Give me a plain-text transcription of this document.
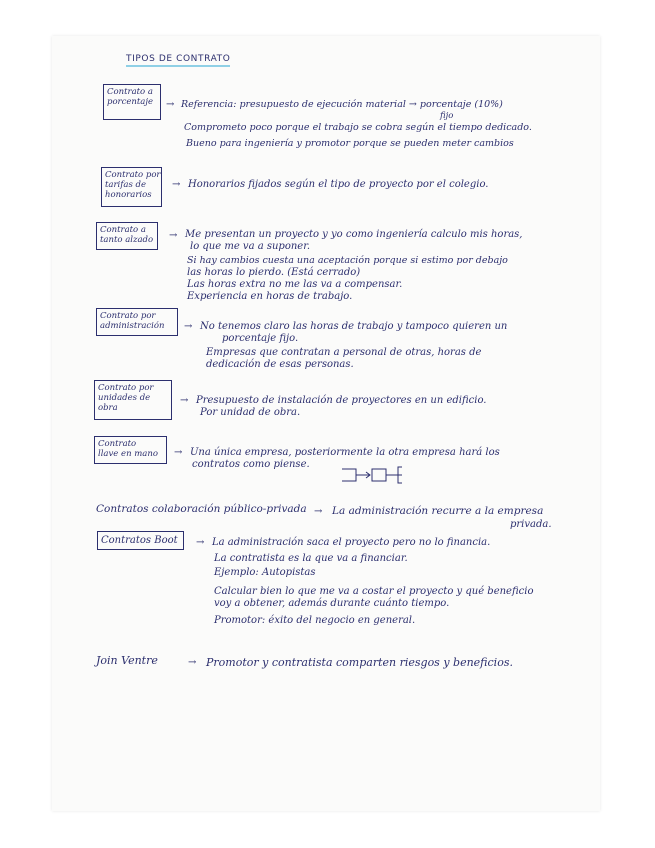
TIPOS DE CONTRATO
Contrato a
porcentaje	→ Referencia: presupuesto de ejecución material → porcentaje (10%)
fijo
Comprometo poco porque el trabajo se cobra según el tiempo dedicado.
Bueno para ingeniería y promotor porque se pueden meter cambios
Contrato por
tarifas de
honorarios
→ Honorarios fijados según el tipo de proyecto por el colegio.
Contrato a
tanto alzado → Me presentan un proyecto y yo como ingeniería calculo mis horas,
lo que me va a suponer.
Si hay cambios cuesta una aceptación porque si estimo por debajo
las horas lo pierdo. (Está cerrado)
Las horas extra no me las va a compensar.
Experiencia en horas de trabajo.
Contrato por
administración	→ No tenemos claro las horas de trabajo y tampoco quieren un
porcentaje fijo.
Empresas que contratan a personal de otras, horas de
dedicación de esas personas.
Contrato por
unidades de
obra
→ Presupuesto de instalación de proyectores en un edificio.
Por unidad de obra.
Contrato
llave en mano	→ Una única empresa, posteriormente la otra empresa hará los
contratos como piense.
Contratos colaboración público-privada → La administración recurre a la empresa
privada.
Contratos Boot → La administración saca el proyecto pero no lo financia.
La contratista es la que va a financiar.
Ejemplo: Autopistas
Calcular bien lo que me va a costar el proyecto y qué beneficio
voy a obtener, además durante cuánto tiempo.
Promotor: éxito del negocio en general.
Join Ventre	→ Promotor y contratista comparten riesgos y beneficios.
